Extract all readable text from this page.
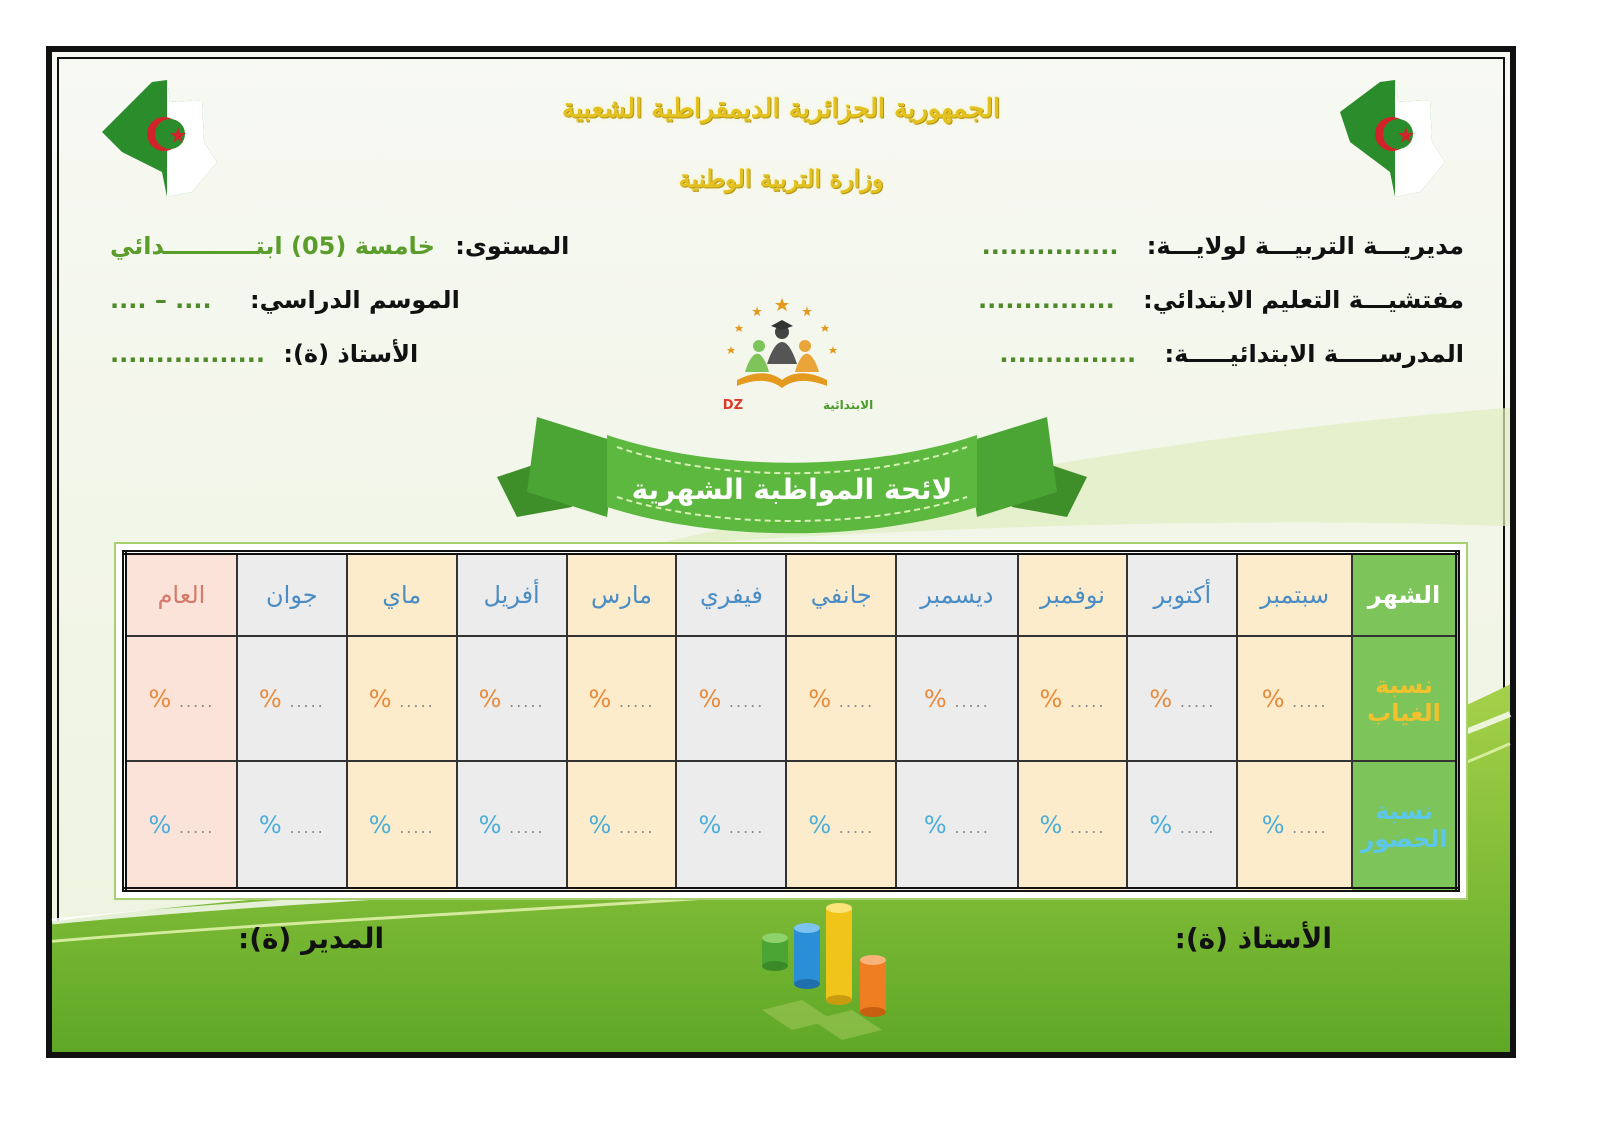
الجمهورية الجزائرية الديمقراطية الشعبية
وزارة التربية الوطنية
مديريـــة التربيـــة لولايـــة: ...............
مفتشيـــة التعليم الابتدائي: ...............
المدرســـــة الابتدائيـــــة: ...............
المستوى: خامسة (05) ابتـــــــــــدائي
الموسم الدراسي: .... – ....
الأستاذ (ة): .................
DZ	الابتدائية
لائحة المواظبة الشهرية
الشهر	سبتمبر	أكتوبر	نوفمبر	ديسمبر	جانفي	فيفري	مارس	أفريل	ماي	جوان	العام
نسبة الغياب	..... %	..... %	..... %	..... %	..... %	..... %	..... %	..... %	..... %	..... %	..... %
نسبة الحضور	..... %	..... %	..... %	..... %	..... %	..... %	..... %	..... %	..... %	..... %	..... %
الأستاذ (ة):
المدير (ة):
